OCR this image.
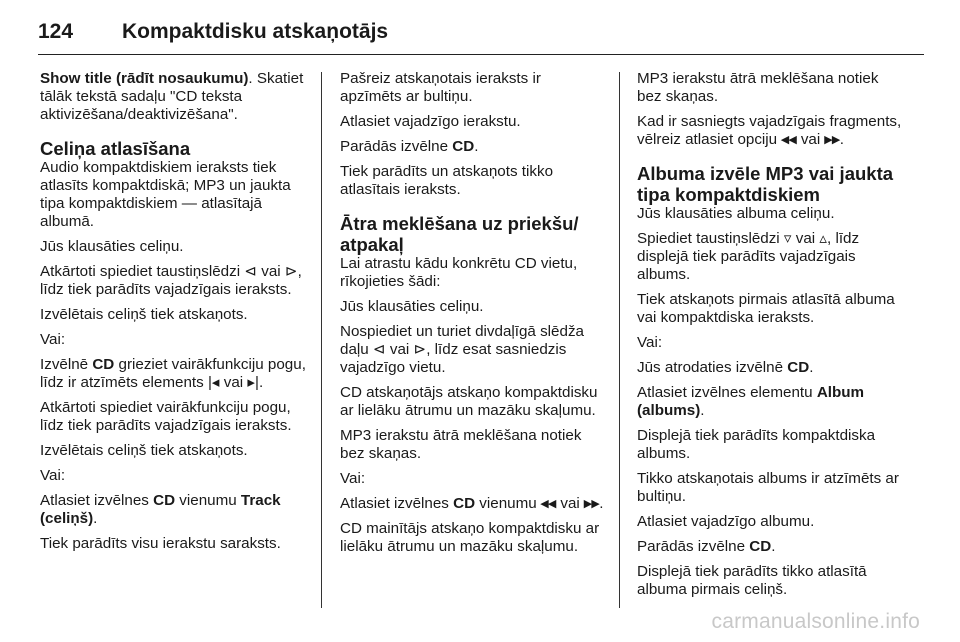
124 Kompaktdisku atskaņotājs

Show title (rādīt nosaukumu). Skatiet tālāk tekstā sadaļu "CD teksta aktivizēšana/deaktivizēšana".

Celiņa atlasīšana

Audio kompaktdiskiem ieraksts tiek atlasīts kompaktdiskā; MP3 un jaukta tipa kompaktdiskiem — atlasītajā albumā.

Jūs klausāties celiņu.

Atkārtoti spiediet taustiņslēdzi ⊲ vai ⊳, līdz tiek parādīts vajadzīgais ieraksts.

Izvēlētais celiņš tiek atskaņots.

Vai:

Izvēlnē CD grieziet vairākfunkciju pogu, līdz ir atzīmēts elements |◂ vai ▸|.

Atkārtoti spiediet vairākfunkciju pogu, līdz tiek parādīts vajadzīgais ieraksts.

Izvēlētais celiņš tiek atskaņots.

Vai:

Atlasiet izvēlnes CD vienumu Track (celiņš).

Tiek parādīts visu ierakstu saraksts.

Pašreiz atskaņotais ieraksts ir apzīmēts ar bultiņu.

Atlasiet vajadzīgo ierakstu.

Parādās izvēlne CD.

Tiek parādīts un atskaņots tikko atlasītais ieraksts.

Ātra meklēšana uz priekšu/ atpakaļ

Lai atrastu kādu konkrētu CD vietu, rīkojieties šādi:

Jūs klausāties celiņu.

Nospiediet un turiet divdaļīgā slēdža daļu ⊲ vai ⊳, līdz esat sasniedzis vajadzīgo vietu.

CD atskaņotājs atskaņo kompaktdisku ar lielāku ātrumu un mazāku skaļumu.

MP3 ierakstu ātrā meklēšana notiek bez skaņas.

Vai:

Atlasiet izvēlnes CD vienumu ◂◂ vai ▸▸.

CD mainītājs atskaņo kompaktdisku ar lielāku ātrumu un mazāku skaļumu.

MP3 ierakstu ātrā meklēšana notiek bez skaņas.

Kad ir sasniegts vajadzīgais fragments, vēlreiz atlasiet opciju ◂◂ vai ▸▸.

Albuma izvēle MP3 vai jaukta tipa kompaktdiskiem

Jūs klausāties albuma celiņu.

Spiediet taustiņslēdzi ▿ vai ▵, līdz displejā tiek parādīts vajadzīgais albums.

Tiek atskaņots pirmais atlasītā albuma vai kompaktdiska ieraksts.

Vai:

Jūs atrodaties izvēlnē CD.

Atlasiet izvēlnes elementu Album (albums).

Displejā tiek parādīts kompaktdiska albums.

Tikko atskaņotais albums ir atzīmēts ar bultiņu.

Atlasiet vajadzīgo albumu.

Parādās izvēlne CD.

Displejā tiek parādīts tikko atlasītā albuma pirmais celiņš.

carmanualsonline.info
